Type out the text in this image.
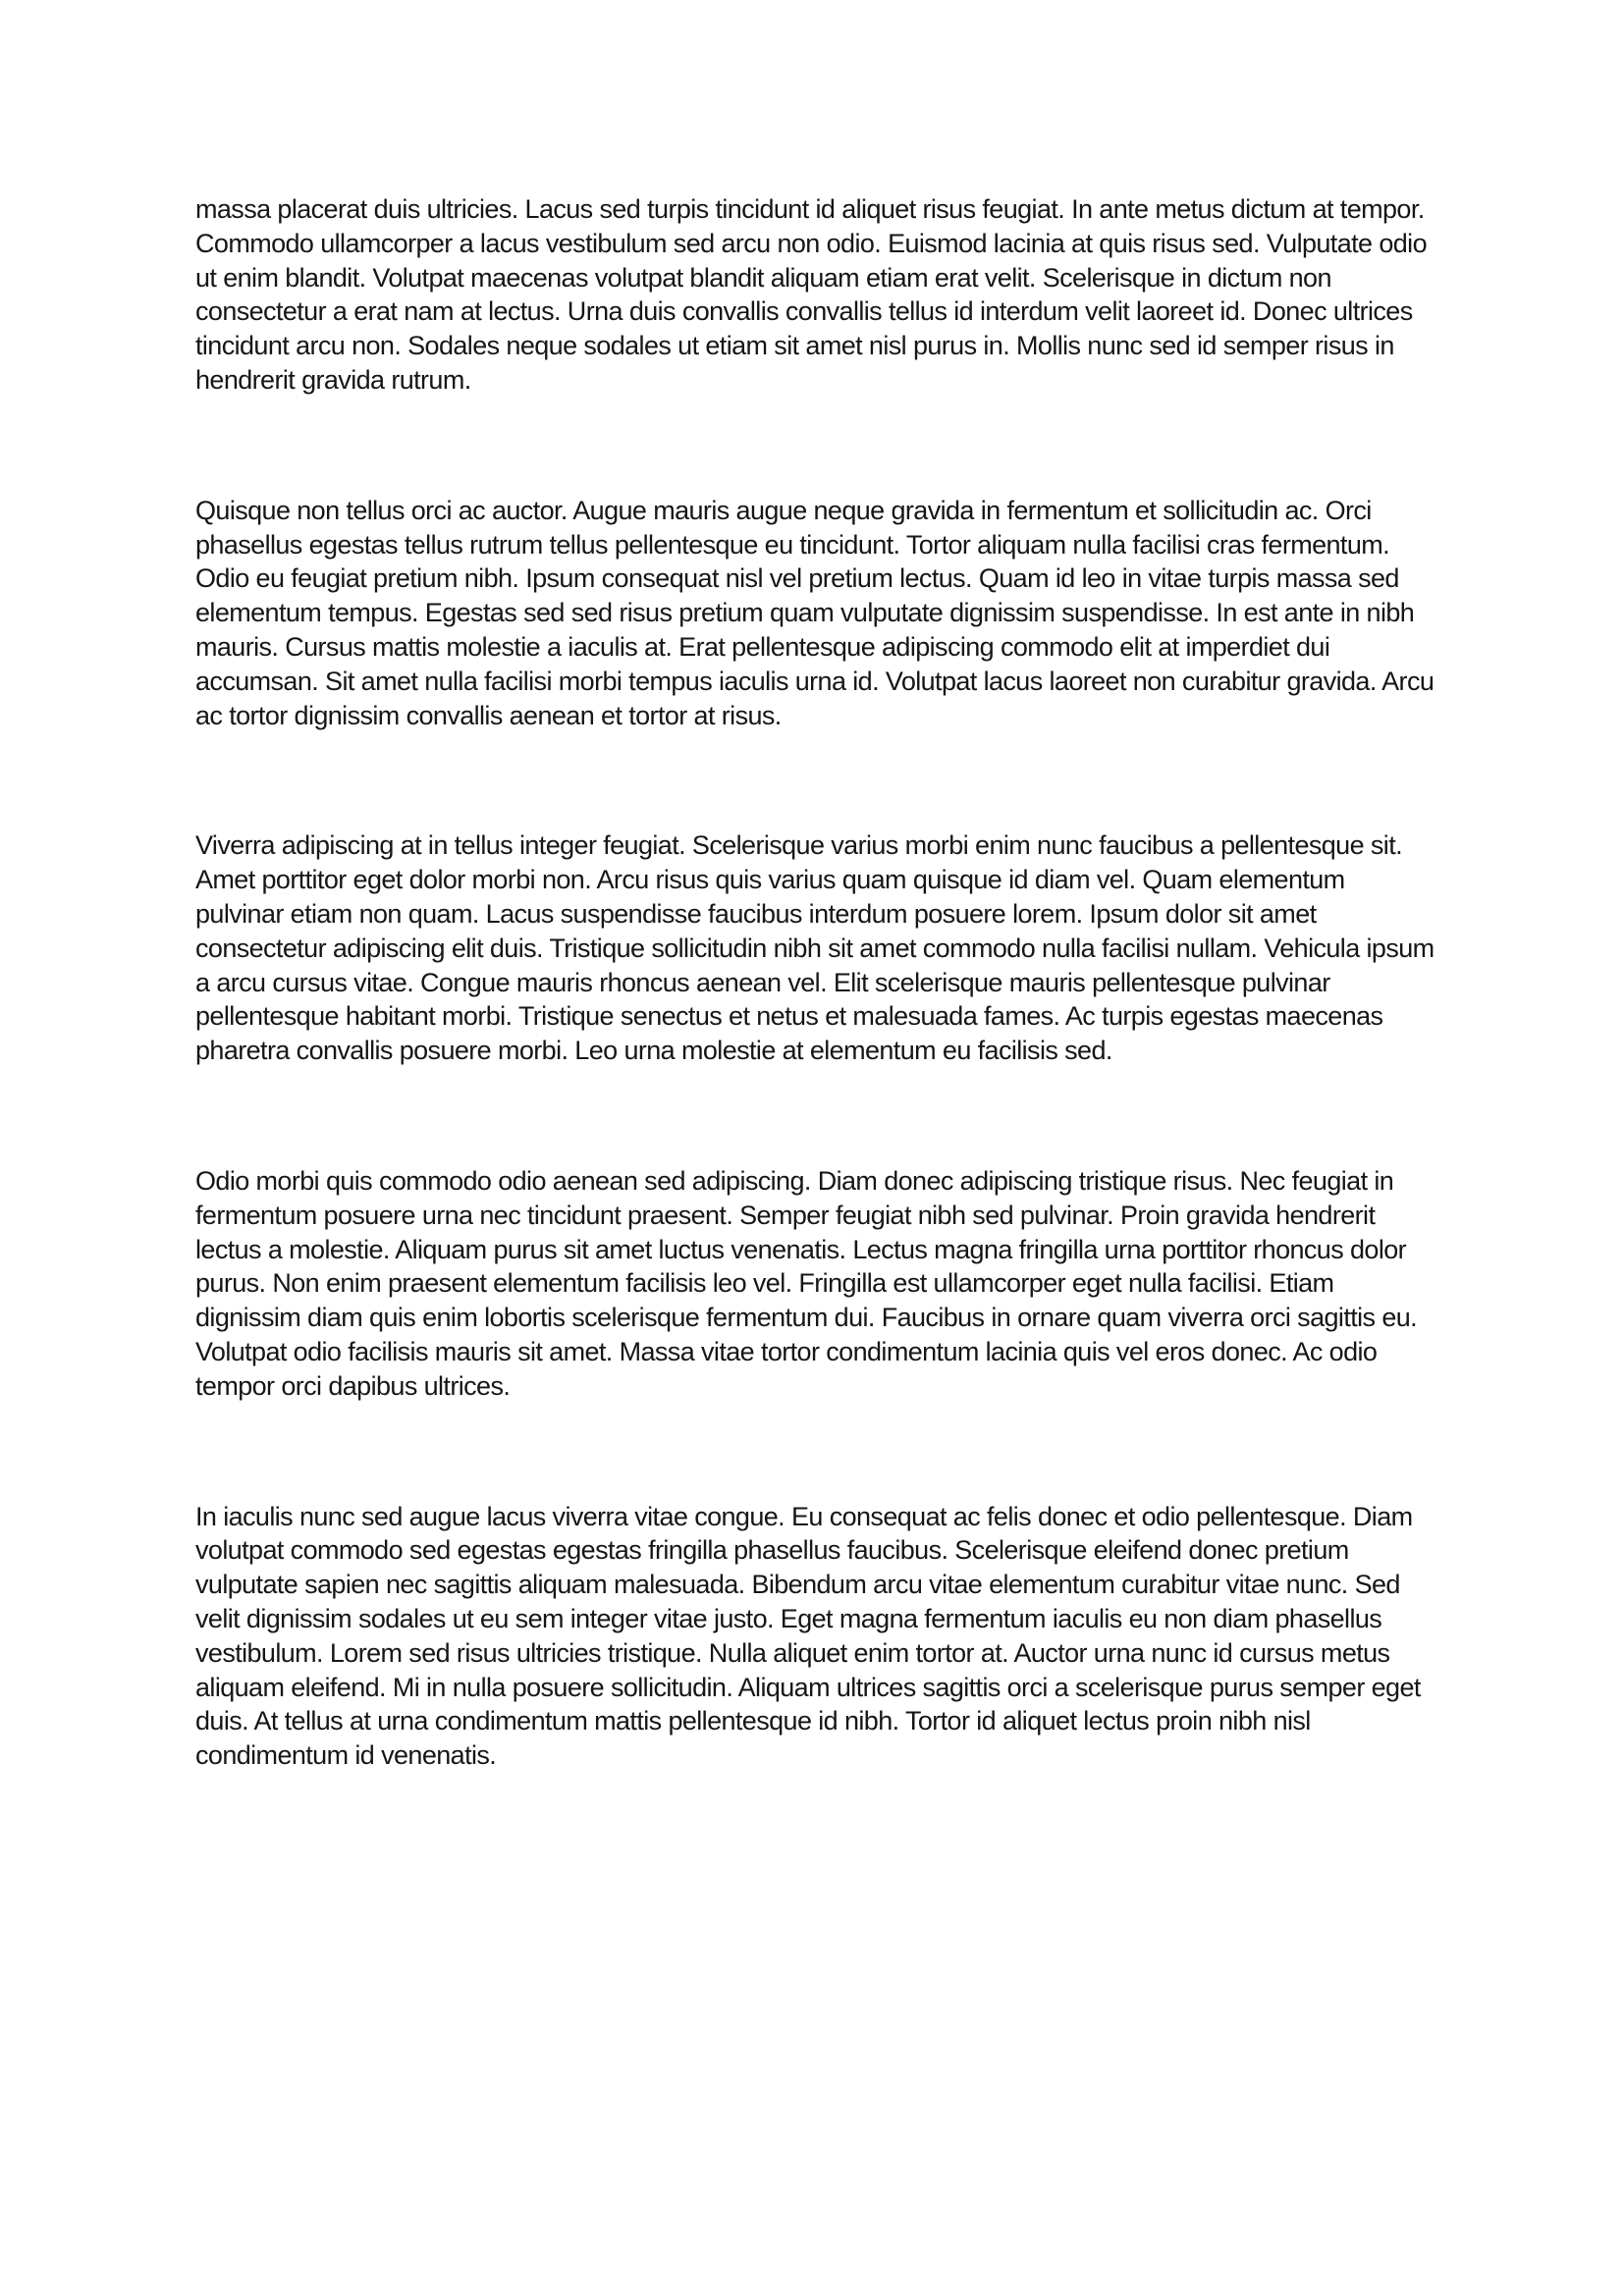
massa placerat duis ultricies. Lacus sed turpis tincidunt id aliquet risus feugiat. In ante metus dictum at tempor. Commodo ullamcorper a lacus vestibulum sed arcu non odio. Euismod lacinia at quis risus sed. Vulputate odio ut enim blandit. Volutpat maecenas volutpat blandit aliquam etiam erat velit. Scelerisque in dictum non consectetur a erat nam at lectus. Urna duis convallis convallis tellus id interdum velit laoreet id. Donec ultrices tincidunt arcu non. Sodales neque sodales ut etiam sit amet nisl purus in. Mollis nunc sed id semper risus in hendrerit gravida rutrum.

Quisque non tellus orci ac auctor. Augue mauris augue neque gravida in fermentum et sollicitudin ac. Orci phasellus egestas tellus rutrum tellus pellentesque eu tincidunt. Tortor aliquam nulla facilisi cras fermentum. Odio eu feugiat pretium nibh. Ipsum consequat nisl vel pretium lectus. Quam id leo in vitae turpis massa sed elementum tempus. Egestas sed sed risus pretium quam vulputate dignissim suspendisse. In est ante in nibh mauris. Cursus mattis molestie a iaculis at. Erat pellentesque adipiscing commodo elit at imperdiet dui accumsan. Sit amet nulla facilisi morbi tempus iaculis urna id. Volutpat lacus laoreet non curabitur gravida. Arcu ac tortor dignissim convallis aenean et tortor at risus.

Viverra adipiscing at in tellus integer feugiat. Scelerisque varius morbi enim nunc faucibus a pellentesque sit. Amet porttitor eget dolor morbi non. Arcu risus quis varius quam quisque id diam vel. Quam elementum pulvinar etiam non quam. Lacus suspendisse faucibus interdum posuere lorem. Ipsum dolor sit amet consectetur adipiscing elit duis. Tristique sollicitudin nibh sit amet commodo nulla facilisi nullam. Vehicula ipsum a arcu cursus vitae. Congue mauris rhoncus aenean vel. Elit scelerisque mauris pellentesque pulvinar pellentesque habitant morbi. Tristique senectus et netus et malesuada fames. Ac turpis egestas maecenas pharetra convallis posuere morbi. Leo urna molestie at elementum eu facilisis sed.

Odio morbi quis commodo odio aenean sed adipiscing. Diam donec adipiscing tristique risus. Nec feugiat in fermentum posuere urna nec tincidunt praesent. Semper feugiat nibh sed pulvinar. Proin gravida hendrerit lectus a molestie. Aliquam purus sit amet luctus venenatis. Lectus magna fringilla urna porttitor rhoncus dolor purus. Non enim praesent elementum facilisis leo vel. Fringilla est ullamcorper eget nulla facilisi. Etiam dignissim diam quis enim lobortis scelerisque fermentum dui. Faucibus in ornare quam viverra orci sagittis eu. Volutpat odio facilisis mauris sit amet. Massa vitae tortor condimentum lacinia quis vel eros donec. Ac odio tempor orci dapibus ultrices.

In iaculis nunc sed augue lacus viverra vitae congue. Eu consequat ac felis donec et odio pellentesque. Diam volutpat commodo sed egestas egestas fringilla phasellus faucibus. Scelerisque eleifend donec pretium vulputate sapien nec sagittis aliquam malesuada. Bibendum arcu vitae elementum curabitur vitae nunc. Sed velit dignissim sodales ut eu sem integer vitae justo. Eget magna fermentum iaculis eu non diam phasellus vestibulum. Lorem sed risus ultricies tristique. Nulla aliquet enim tortor at. Auctor urna nunc id cursus metus aliquam eleifend. Mi in nulla posuere sollicitudin. Aliquam ultrices sagittis orci a scelerisque purus semper eget duis. At tellus at urna condimentum mattis pellentesque id nibh. Tortor id aliquet lectus proin nibh nisl condimentum id venenatis.
